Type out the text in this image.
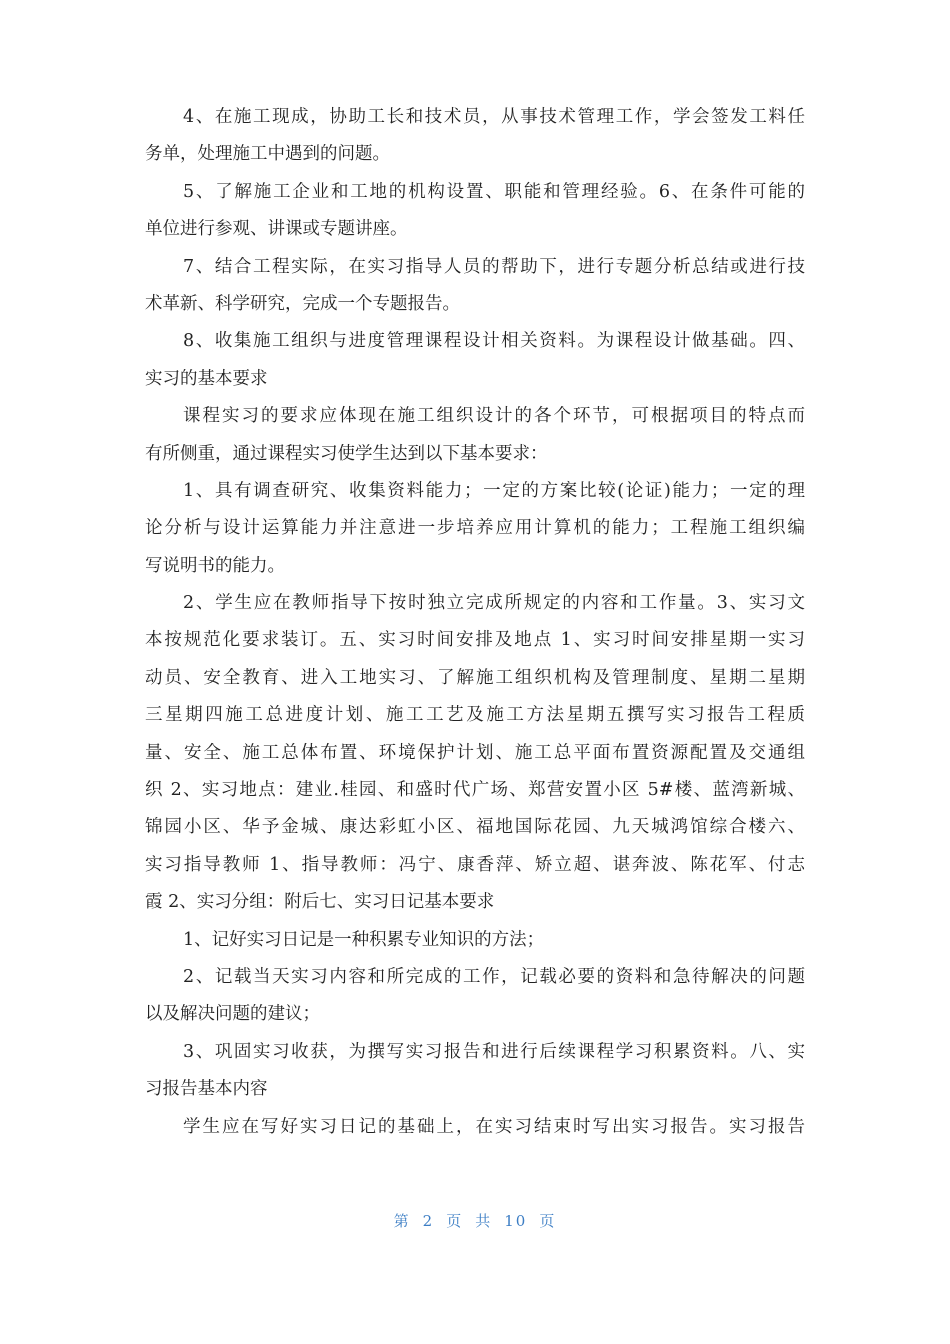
4、在施工现成，协助工长和技术员，从事技术管理工作，学会签发工料任
务单，处理施工中遇到的问题。
5、了解施工企业和工地的机构设置、职能和管理经验。6、在条件可能的
单位进行参观、讲课或专题讲座。
7、结合工程实际，在实习指导人员的帮助下，进行专题分析总结或进行技
术革新、科学研究，完成一个专题报告。
8、收集施工组织与进度管理课程设计相关资料。为课程设计做基础。四、
实习的基本要求
课程实习的要求应体现在施工组织设计的各个环节，可根据项目的特点而
有所侧重，通过课程实习使学生达到以下基本要求：
1、具有调查研究、收集资料能力；一定的方案比较(论证)能力；一定的理
论分析与设计运算能力并注意进一步培养应用计算机的能力；工程施工组织编
写说明书的能力。
2、学生应在教师指导下按时独立完成所规定的内容和工作量。3、实习文
本按规范化要求装订。五、实习时间安排及地点 1、实习时间安排星期一实习
动员、安全教育、进入工地实习、了解施工组织机构及管理制度、星期二星期
三星期四施工总进度计划、施工工艺及施工方法星期五撰写实习报告工程质
量、安全、施工总体布置、环境保护计划、施工总平面布置资源配置及交通组
织 2、实习地点：建业.桂园、和盛时代广场、郑营安置小区 5#楼、蓝湾新城、
锦园小区、华予金城、康达彩虹小区、福地国际花园、九天城鸿馆综合楼六、
实习指导教师 1、指导教师：冯宁、康香萍、矫立超、谌奔波、陈花军、付志
霞 2、实习分组：附后七、实习日记基本要求
1、记好实习日记是一种积累专业知识的方法；
2、记载当天实习内容和所完成的工作，记载必要的资料和急待解决的问题
以及解决问题的建议；
3、巩固实习收获，为撰写实习报告和进行后续课程学习积累资料。八、实
习报告基本内容
学生应在写好实习日记的基础上，在实习结束时写出实习报告。实习报告
第 2 页 共 10 页
